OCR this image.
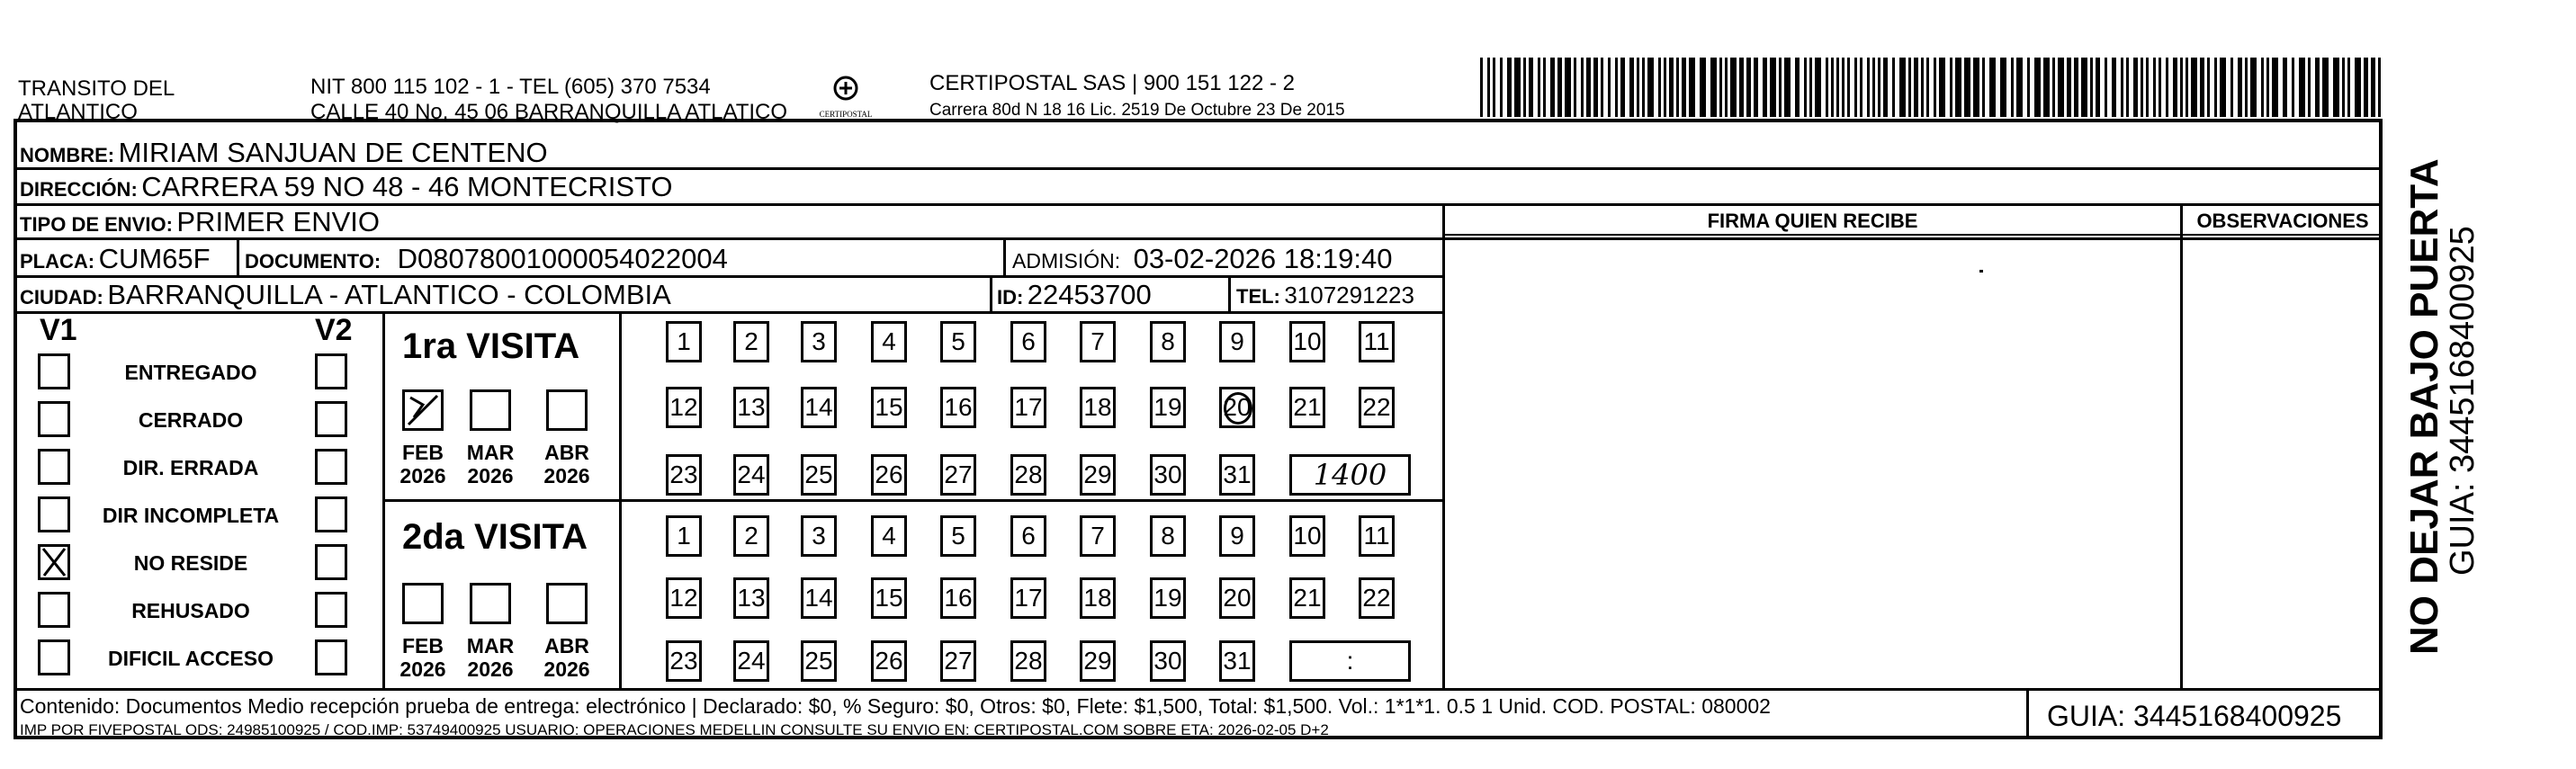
TRANSITO DEL
ATLANTICO
NIT 800 115 102 - 1 - TEL (605) 370 7534
CALLE 40 No. 45 06 BARRANQUILLA ATLATICO	CERTIPOSTAL
CERTIPOSTAL SAS | 900 151 122 - 2
Carrera 80d N 18 16 Lic. 2519 De Octubre 23 De 2015
FIRMA QUIEN RECIBE	OBSERVACIONES
NOMBRE: MIRIAM SANJUAN DE CENTENO
DIRECCIÓN: CARRERA 59 NO 48 - 46 MONTECRISTO
TIPO DE ENVIO: PRIMER ENVIO
PLACA: CUM65F DOCUMENTO: D08078001000054022004	ADMISIÓN: 03-02-2026 18:19:40
CIUDAD: BARRANQUILLA - ATLANTICO - COLOMBIA	ID: 22453700	TEL: 3107291223
V1	V2
ENTREGADO
CERRADO
DIR. ERRADA
DIR INCOMPLETA
NO RESIDE
REHUSADO
DIFICIL ACCESO
1ra VISITA
2da VISITA
FEB
2026
MAR
2026
ABR
2026
FEB
2026
MAR
2026
ABR
2026
1 2 3 4 5 6 7 8 9 10 11
12 13 14 15 16 17 18 19 20 21 22
23 24 25 26 27 28 29 30 31	1400
1 2 3 4 5 6 7 8 9 10 11
12 13 14 15 16 17 18 19 20 21 22
23 24 25 26 27 28 29 30 31	:
Contenido: Documentos Medio recepción prueba de entrega: electrónico | Declarado: $0, % Seguro: $0, Otros: $0, Flete: $1,500, Total: $1,500. Vol.: 1*1*1. 0.5 1 Unid. COD. POSTAL: 080002
IMP POR FIVEPOSTAL ODS: 24985100925 / COD.IMP: 53749400925 USUARIO: OPERACIONES MEDELLIN CONSULTE SU ENVIO EN: CERTIPOSTAL.COM SOBRE ETA: 2026-02-05 D+2	GUIA: 3445168400925
NO DEJAR BAJO PUERTA
GUIA: 3445168400925
